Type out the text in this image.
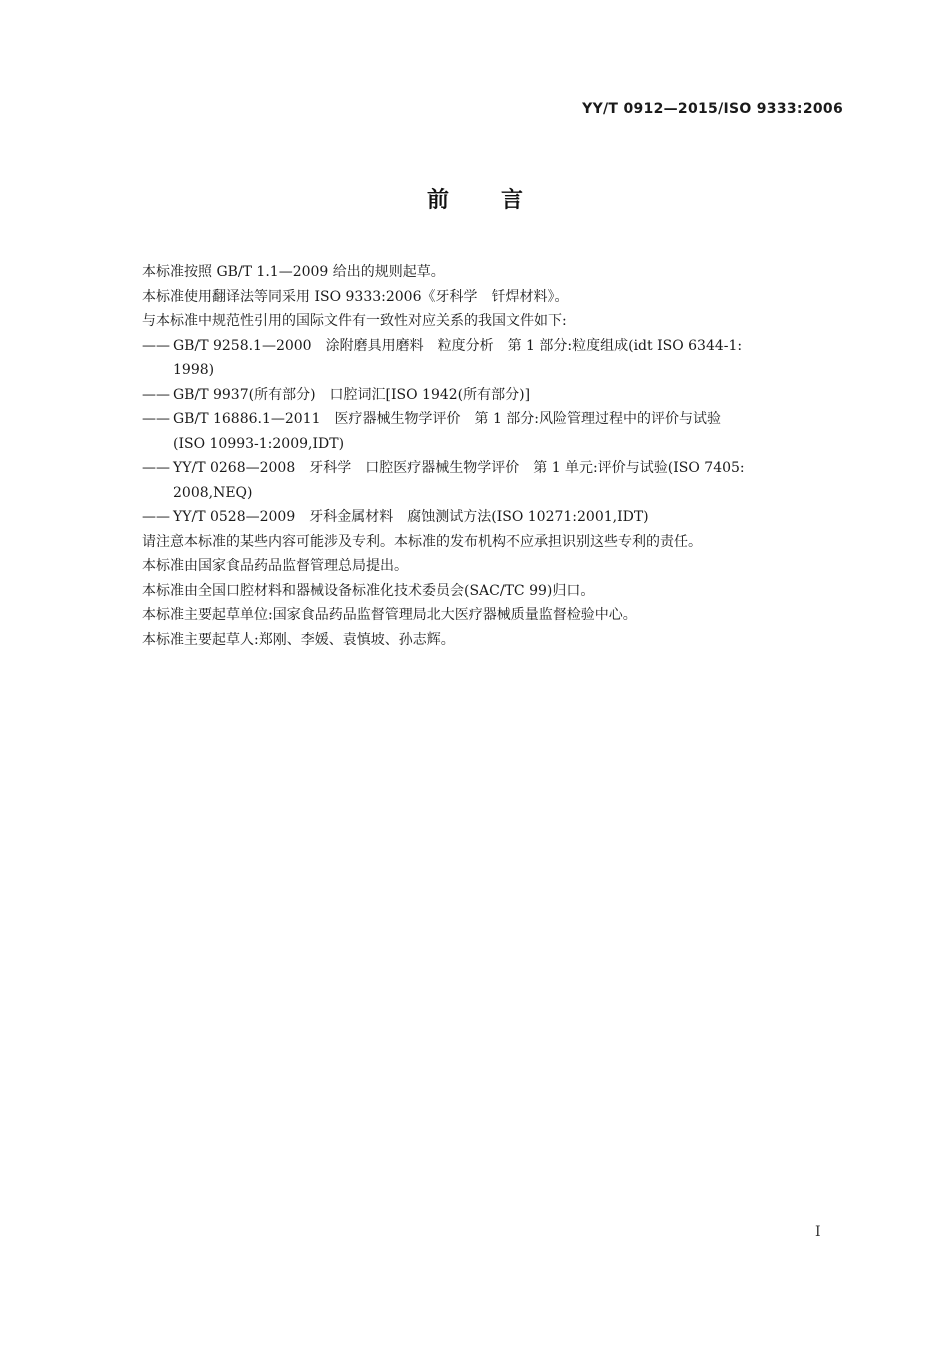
YY/T 0912—2015/ISO 9333:2006
前言

本标准按照 GB/T 1.1—2009 给出的规则起草。

本标准使用翻译法等同采用 ISO 9333:2006《牙科学　钎焊材料》。

与本标准中规范性引用的国际文件有一致性对应关系的我国文件如下:

—— GB/T 9258.1—2000　涂附磨具用磨料　粒度分析　第 1 部分:粒度组成(idt ISO 6344-1:
1998)
—— GB/T 9937(所有部分)　口腔词汇[ISO 1942(所有部分)]
—— GB/T 16886.1—2011　医疗器械生物学评价　第 1 部分:风险管理过程中的评价与试验
(ISO 10993-1:2009,IDT)
—— YY/T 0268—2008　牙科学　口腔医疗器械生物学评价　第 1 单元:评价与试验(ISO 7405:
2008,NEQ)
—— YY/T 0528—2009　牙科金属材料　腐蚀测试方法(ISO 10271:2001,IDT)

请注意本标准的某些内容可能涉及专利。本标准的发布机构不应承担识别这些专利的责任。

本标准由国家食品药品监督管理总局提出。

本标准由全国口腔材料和器械设备标准化技术委员会(SAC/TC 99)归口。

本标准主要起草单位:国家食品药品监督管理局北大医疗器械质量监督检验中心。

本标准主要起草人:郑刚、李媛、袁慎坡、孙志辉。

I
